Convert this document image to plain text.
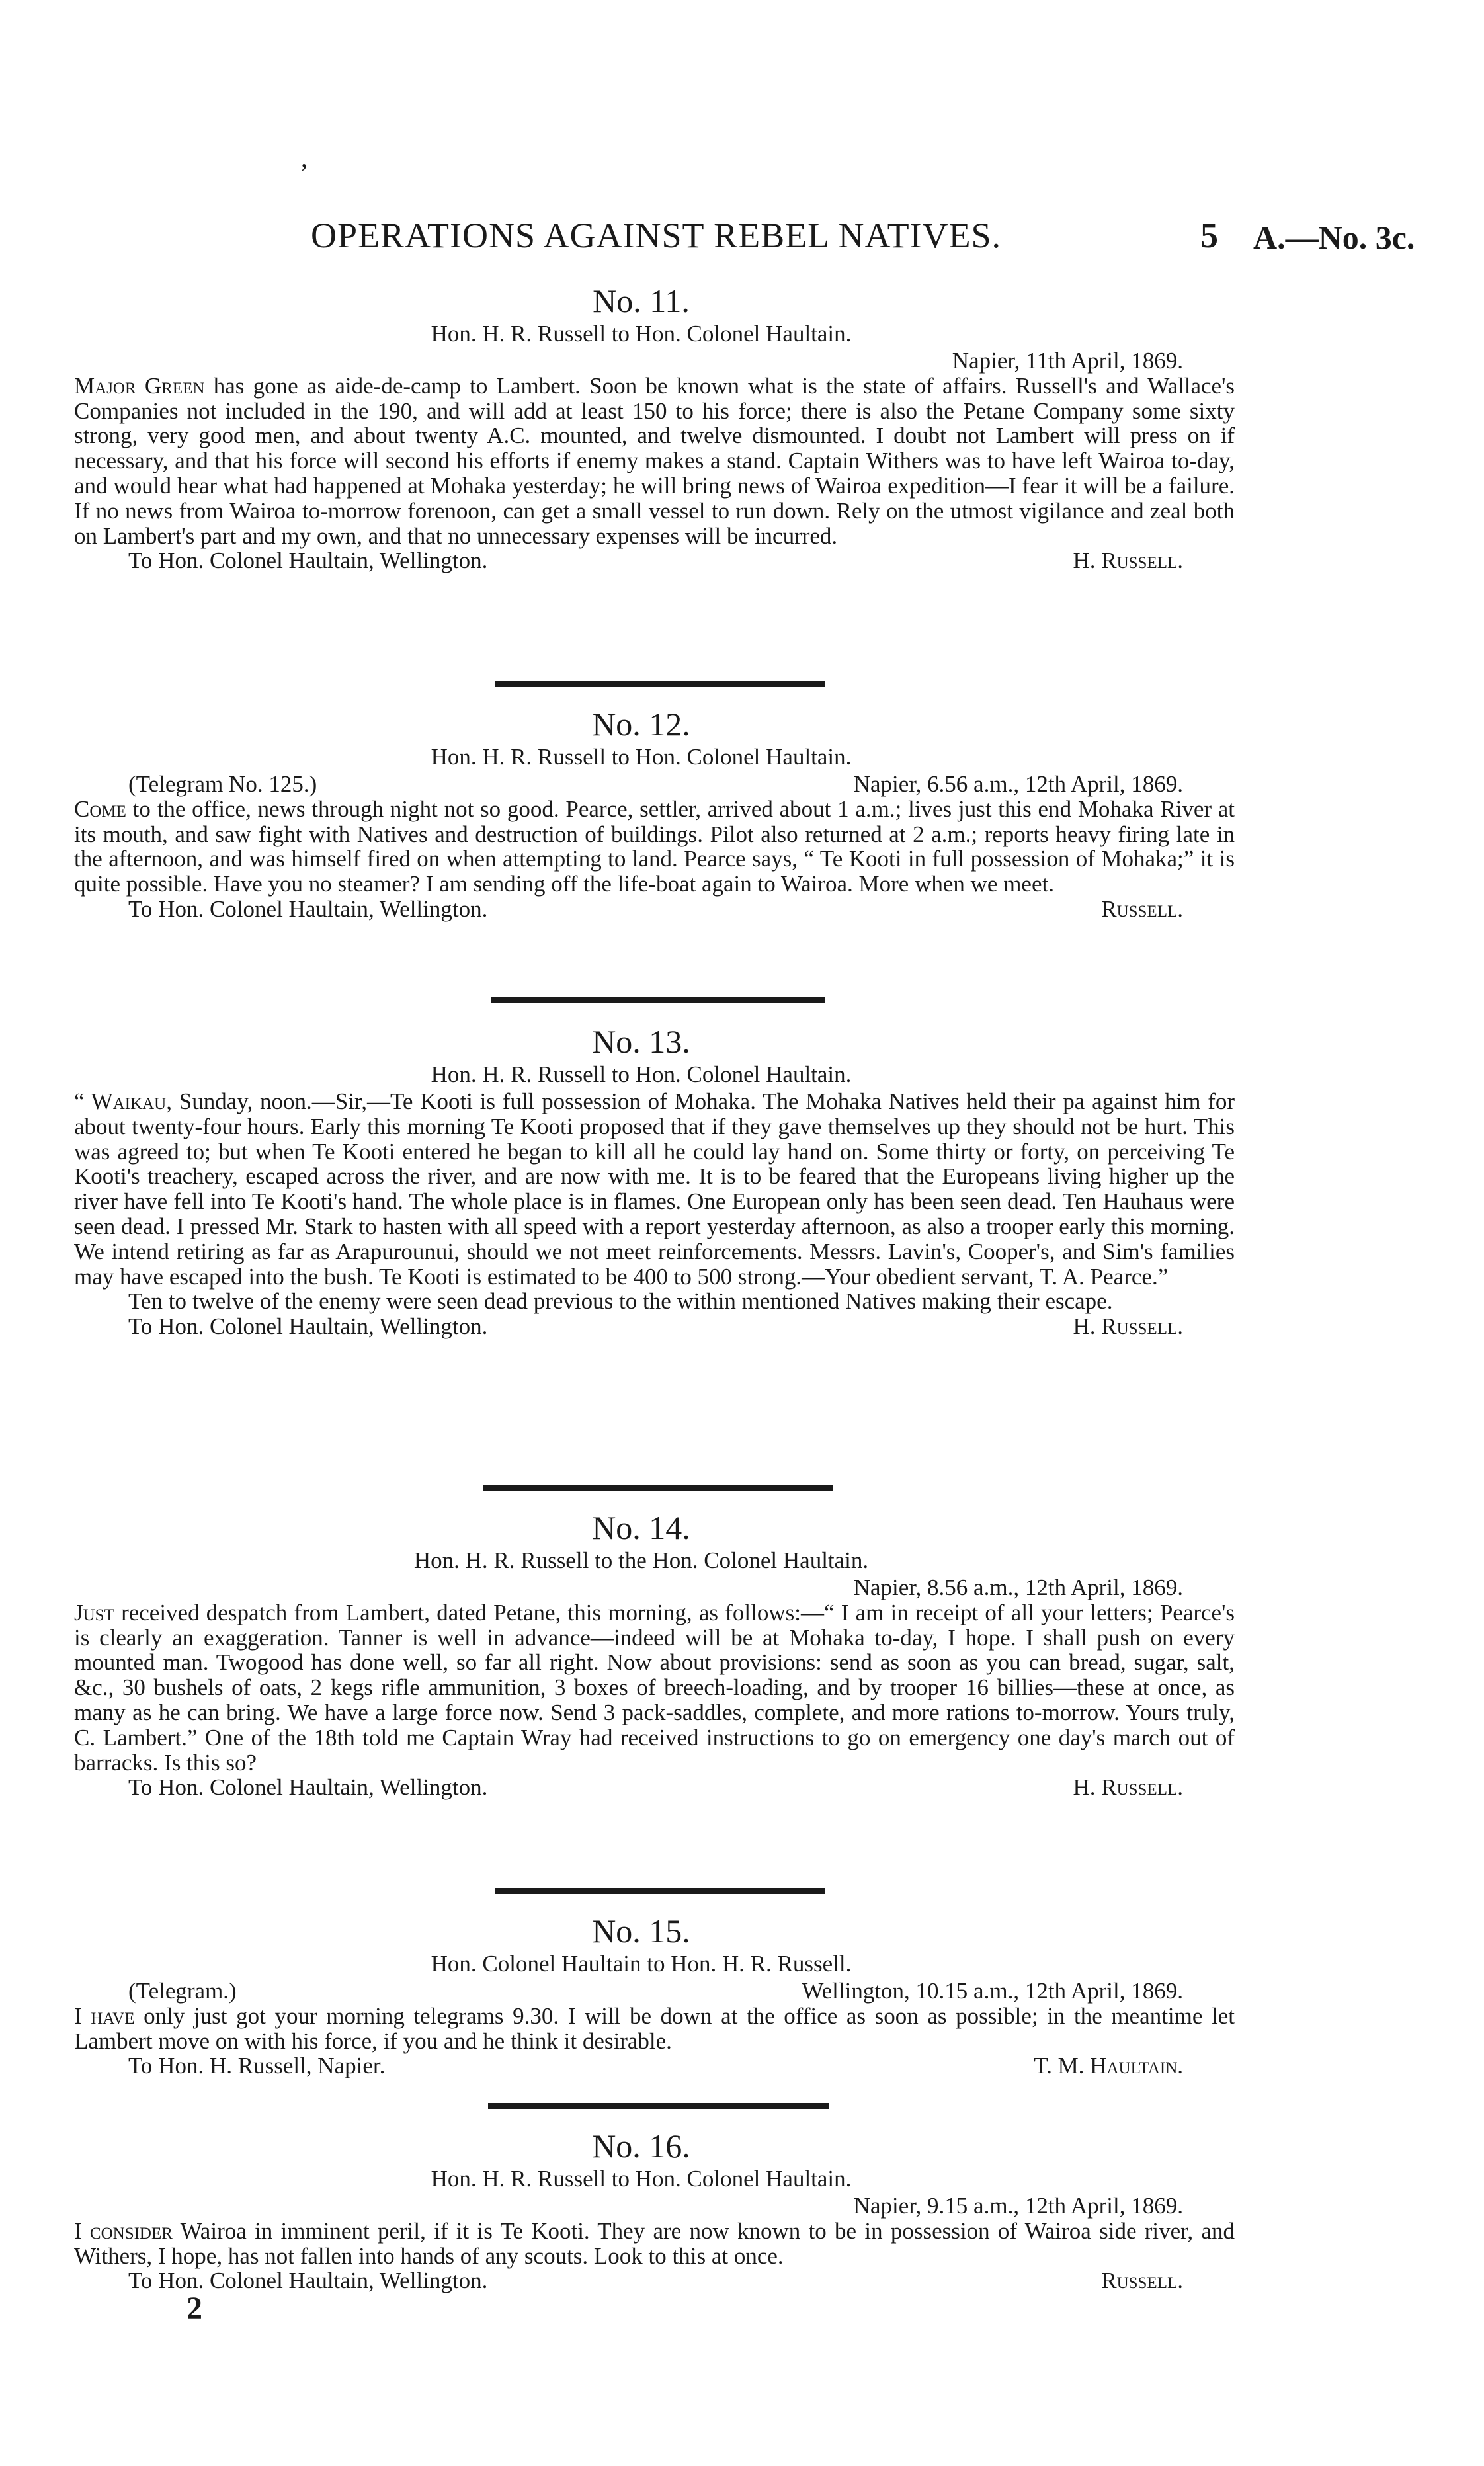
,
OPERATIONS AGAINST REBEL NATIVES.	5 A.—No. 3c.

No. 11.

Hon. H. R. Russell to Hon. Colonel Haultain.

Napier, 11th April, 1869.

Major Green has gone as aide-de-camp to Lambert. Soon be known what is the state of affairs. Russell's and Wallace's Companies not included in the 190, and will add at least 150 to his force; there is also the Petane Company some sixty strong, very good men, and about twenty A.C. mounted, and twelve dismounted. I doubt not Lambert will press on if necessary, and that his force will second his efforts if enemy makes a stand. Captain Withers was to have left Wairoa to-day, and would hear what had happened at Mohaka yesterday; he will bring news of Wairoa expedition—I fear it will be a failure. If no news from Wairoa to-morrow forenoon, can get a small vessel to run down. Rely on the utmost vigilance and zeal both on Lambert's part and my own, and that no unnecessary expenses will be incurred.

To Hon. Colonel Haultain, Wellington.	H. Russell.

No. 12.

Hon. H. R. Russell to Hon. Colonel Haultain.

(Telegram No. 125.)	Napier, 6.56 a.m., 12th April, 1869.

Come to the office, news through night not so good. Pearce, settler, arrived about 1 a.m.; lives just this end Mohaka River at its mouth, and saw fight with Natives and destruction of buildings. Pilot also returned at 2 a.m.; reports heavy firing late in the afternoon, and was himself fired on when attempting to land. Pearce says, “ Te Kooti in full possession of Mohaka;” it is quite possible. Have you no steamer? I am sending off the life-boat again to Wairoa. More when we meet.

To Hon. Colonel Haultain, Wellington.	Russell.

No. 13.

Hon. H. R. Russell to Hon. Colonel Haultain.

“ Waikau, Sunday, noon.—Sir,—Te Kooti is full possession of Mohaka. The Mohaka Natives held their pa against him for about twenty-four hours. Early this morning Te Kooti proposed that if they gave themselves up they should not be hurt. This was agreed to; but when Te Kooti entered he began to kill all he could lay hand on. Some thirty or forty, on perceiving Te Kooti's treachery, escaped across the river, and are now with me. It is to be feared that the Europeans living higher up the river have fell into Te Kooti's hand. The whole place is in flames. One European only has been seen dead. Ten Hauhaus were seen dead. I pressed Mr. Stark to hasten with all speed with a report yesterday afternoon, as also a trooper early this morning. We intend retiring as far as Arapurounui, should we not meet reinforcements. Messrs. Lavin's, Cooper's, and Sim's families may have escaped into the bush. Te Kooti is estimated to be 400 to 500 strong.—Your obedient servant, T. A. Pearce.”

Ten to twelve of the enemy were seen dead previous to the within mentioned Natives making their escape.

To Hon. Colonel Haultain, Wellington.	H. Russell.

No. 14.

Hon. H. R. Russell to the Hon. Colonel Haultain.

Napier, 8.56 a.m., 12th April, 1869.

Just received despatch from Lambert, dated Petane, this morning, as follows:—“ I am in receipt of all your letters; Pearce's is clearly an exaggeration. Tanner is well in advance—indeed will be at Mohaka to-day, I hope. I shall push on every mounted man. Twogood has done well, so far all right. Now about provisions: send as soon as you can bread, sugar, salt, &c., 30 bushels of oats, 2 kegs rifle ammunition, 3 boxes of breech-loading, and by trooper 16 billies—these at once, as many as he can bring. We have a large force now. Send 3 pack-saddles, complete, and more rations to-morrow. Yours truly, C. Lambert.” One of the 18th told me Captain Wray had received instructions to go on emergency one day's march out of barracks. Is this so?

To Hon. Colonel Haultain, Wellington.	H. Russell.

No. 15.

Hon. Colonel Haultain to Hon. H. R. Russell.

(Telegram.)	Wellington, 10.15 a.m., 12th April, 1869.

I have only just got your morning telegrams 9.30. I will be down at the office as soon as possible; in the meantime let Lambert move on with his force, if you and he think it desirable.

To Hon. H. Russell, Napier.	T. M. Haultain.

No. 16.

Hon. H. R. Russell to Hon. Colonel Haultain.

Napier, 9.15 a.m., 12th April, 1869.

I consider Wairoa in imminent peril, if it is Te Kooti. They are now known to be in possession of Wairoa side river, and Withers, I hope, has not fallen into hands of any scouts. Look to this at once.

To Hon. Colonel Haultain, Wellington.	Russell.

2
